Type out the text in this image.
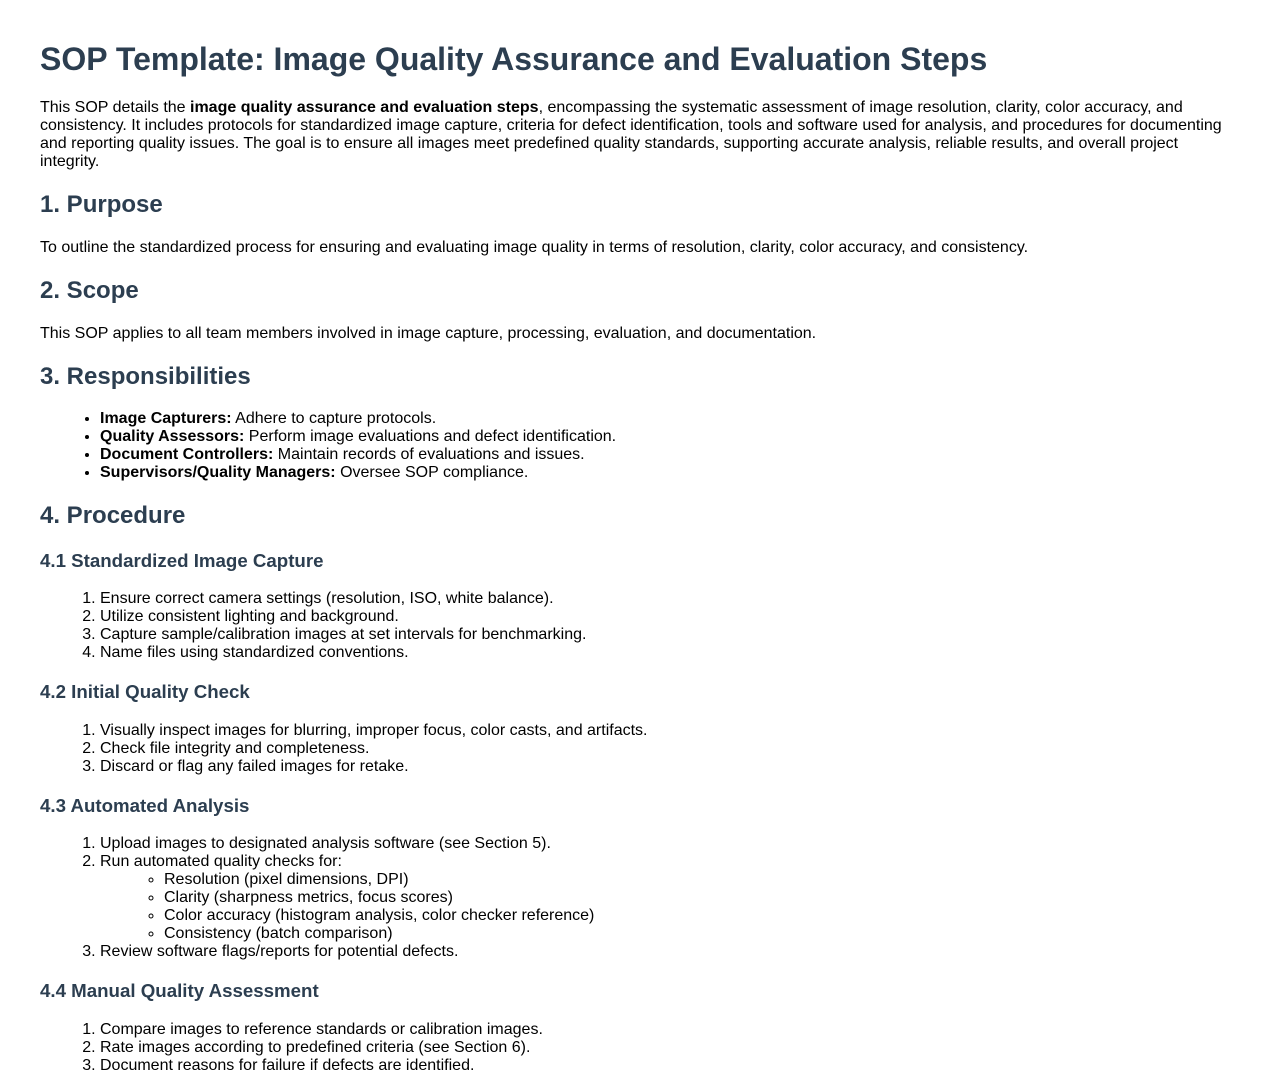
SOP Template: Image Quality Assurance and Evaluation Steps

This SOP details the image quality assurance and evaluation steps, encompassing the systematic assessment of image resolution, clarity, color accuracy, and consistency. It includes protocols for standardized image capture, criteria for defect identification, tools and software used for analysis, and procedures for documenting and reporting quality issues. The goal is to ensure all images meet predefined quality standards, supporting accurate analysis, reliable results, and overall project integrity.

1. Purpose

To outline the standardized process for ensuring and evaluating image quality in terms of resolution, clarity, color accuracy, and consistency.

2. Scope

This SOP applies to all team members involved in image capture, processing, evaluation, and documentation.

3. Responsibilities
• Image Capturers: Adhere to capture protocols.
• Quality Assessors: Perform image evaluations and defect identification.
• Document Controllers: Maintain records of evaluations and issues.
• Supervisors/Quality Managers: Oversee SOP compliance.
4. Procedure
4.1 Standardized Image Capture
1. Ensure correct camera settings (resolution, ISO, white balance).
2. Utilize consistent lighting and background.
3. Capture sample/calibration images at set intervals for benchmarking.
4. Name files using standardized conventions.
4.2 Initial Quality Check
1. Visually inspect images for blurring, improper focus, color casts, and artifacts.
2. Check file integrity and completeness.
3. Discard or flag any failed images for retake.
4.3 Automated Analysis
1. Upload images to designated analysis software (see Section 5).
2. Run automated quality checks for:
◦ Resolution (pixel dimensions, DPI)
◦ Clarity (sharpness metrics, focus scores)
◦ Color accuracy (histogram analysis, color checker reference)
◦ Consistency (batch comparison)
3. Review software flags/reports for potential defects.
4.4 Manual Quality Assessment
1. Compare images to reference standards or calibration images.
2. Rate images according to predefined criteria (see Section 6).
3. Document reasons for failure if defects are identified.
